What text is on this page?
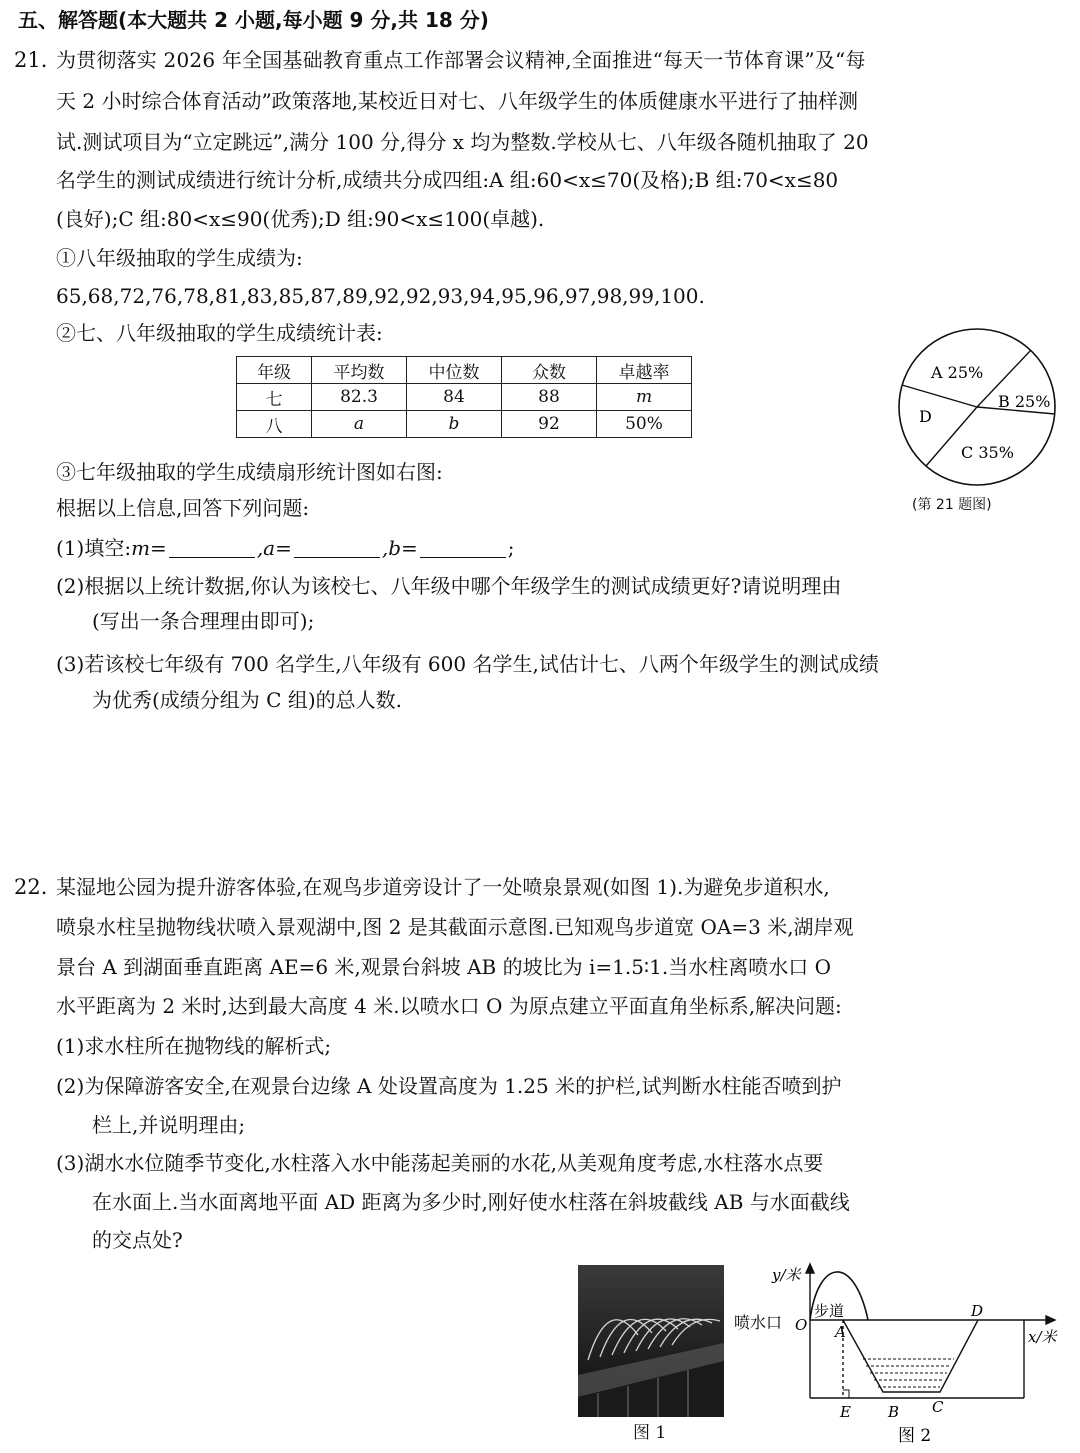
五、解答题(本大题共 2 小题,每小题 9 分,共 18 分)
21. 为贯彻落实 2026 年全国基础教育重点工作部署会议精神,全面推进“每天一节体育课”及“每
天 2 小时综合体育活动”政策落地,某校近日对七、八年级学生的体质健康水平进行了抽样测
试.测试项目为“立定跳远”,满分 100 分,得分 x 均为整数.学校从七、八年级各随机抽取了 20
名学生的测试成绩进行统计分析,成绩共分成四组:A 组:60<x≤70(及格);B 组:70<x≤80
(良好);C 组:80<x≤90(优秀);D 组:90<x≤100(卓越).
①八年级抽取的学生成绩为:
65,68,72,76,78,81,83,85,87,89,92,92,93,94,95,96,97,98,99,100.
②七、八年级抽取的学生成绩统计表:
年级	平均数	中位数	众数	卓越率
七	82.3	84	88	m
八	a	b	92	50%
A 25%
B 25%
C 35%
D
(第 21 题图)
③七年级抽取的学生成绩扇形统计图如右图:
根据以上信息,回答下列问题:
(1)填空:m=	,a=	,b=	;
(2)根据以上统计数据,你认为该校七、八年级中哪个年级学生的测试成绩更好?请说明理由
(写出一条合理理由即可);
(3)若该校七年级有 700 名学生,八年级有 600 名学生,试估计七、八两个年级学生的测试成绩
为优秀(成绩分组为 C 组)的总人数.
22. 某湿地公园为提升游客体验,在观鸟步道旁设计了一处喷泉景观(如图 1).为避免步道积水,
喷泉水柱呈抛物线状喷入景观湖中,图 2 是其截面示意图.已知观鸟步道宽 OA=3 米,湖岸观
景台 A 到湖面垂直距离 AE=6 米,观景台斜坡 AB 的坡比为 i=1.5∶1.当水柱离喷水口 O
水平距离为 2 米时,达到最大高度 4 米.以喷水口 O 为原点建立平面直角坐标系,解决问题:
(1)求水柱所在抛物线的解析式;
(2)为保障游客安全,在观景台边缘 A 处设置高度为 1.25 米的护栏,试判断水柱能否喷到护
栏上,并说明理由;
(3)湖水水位随季节变化,水柱落入水中能荡起美丽的水花,从美观角度考虑,水柱落水点要
在水面上.当水面离地平面 AD 距离为多少时,刚好使水柱落在斜坡截线 AB 与水面截线
的交点处?
图 1
y/米
x/米
喷水口
步道
O A
D
E B C
图 2
